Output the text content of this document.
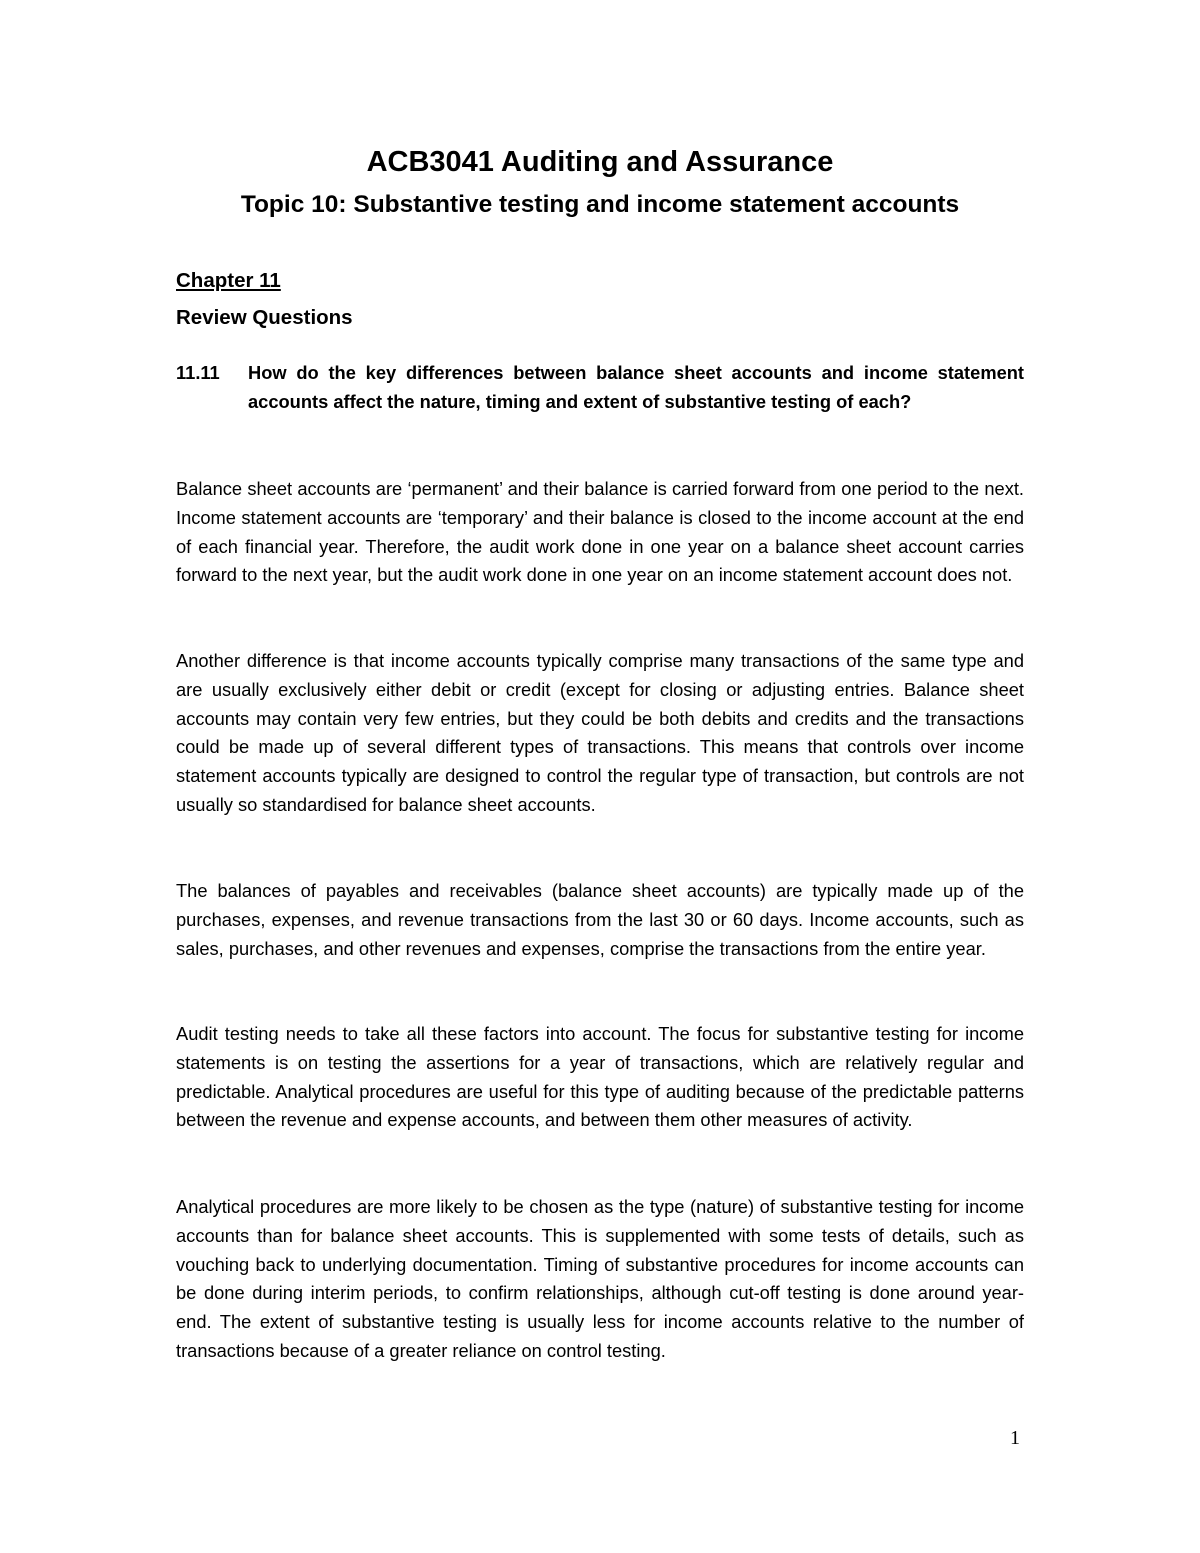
ACB3041 Auditing and Assurance
Topic 10: Substantive testing and income statement accounts
Chapter 11
Review Questions
11.11 How do the key differences between balance sheet accounts and income statement accounts affect the nature, timing and extent of substantive testing of each?

Balance sheet accounts are ‘permanent’ and their balance is carried forward from one period to the next. Income statement accounts are ‘temporary’ and their balance is closed to the income account at the end of each financial year. Therefore, the audit work done in one year on a balance sheet account carries forward to the next year, but the audit work done in one year on an income statement account does not.

Another difference is that income accounts typically comprise many transactions of the same type and are usually exclusively either debit or credit (except for closing or adjusting entries. Balance sheet accounts may contain very few entries, but they could be both debits and credits and the transactions could be made up of several different types of transactions. This means that controls over income statement accounts typically are designed to control the regular type of transaction, but controls are not usually so standardised for balance sheet accounts.

The balances of payables and receivables (balance sheet accounts) are typically made up of the purchases, expenses, and revenue transactions from the last 30 or 60 days. Income accounts, such as sales, purchases, and other revenues and expenses, comprise the transactions from the entire year.

Audit testing needs to take all these factors into account. The focus for substantive testing for income statements is on testing the assertions for a year of transactions, which are relatively regular and predictable. Analytical procedures are useful for this type of auditing because of the predictable patterns between the revenue and expense accounts, and between them other measures of activity.

Analytical procedures are more likely to be chosen as the type (nature) of substantive testing for income accounts than for balance sheet accounts. This is supplemented with some tests of details, such as vouching back to underlying documentation. Timing of substantive procedures for income accounts can be done during interim periods, to confirm relationships, although cut-off testing is done around year-end. The extent of substantive testing is usually less for income accounts relative to the number of transactions because of a greater reliance on control testing.

1
